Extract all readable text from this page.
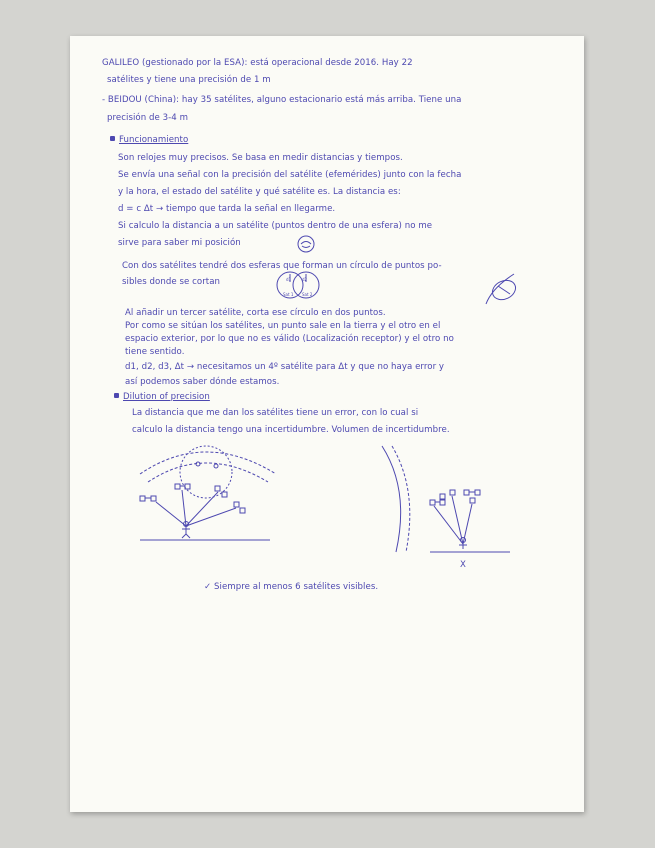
GALILEO (gestionado por la ESA): está operacional desde 2016. Hay 22
satélites y tiene una precisión de 1 m
- BEIDOU (China): hay 35 satélites, alguno estacionario está más arriba. Tiene una
precisión de 3-4 m
Funcionamiento
Son relojes muy precisos. Se basa en medir distancias y tiempos.
Se envía una señal con la precisión del satélite (efemérides) junto con la fecha
y la hora, el estado del satélite y qué satélite es. La distancia es:
d = c Δt → tiempo que tarda la señal en llegarme.
Si calculo la distancia a un satélite (puntos dentro de una esfera) no me
sirve para saber mi posición
Con dos satélites tendré dos esferas que forman un círculo de puntos po-
sibles donde se cortan
Sat 1 Sat 2
d1	d2
Al añadir un tercer satélite, corta ese círculo en dos puntos.
Por como se sitúan los satélites, un punto sale en la tierra y el otro en el
espacio exterior, por lo que no es válido (Localización receptor) y el otro no
tiene sentido.
d1, d2, d3, Δt → necesitamos un 4º satélite para Δt y que no haya error y
así podemos saber dónde estamos.
Dilution of precision
La distancia que me dan los satélites tiene un error, con lo cual si
calculo la distancia tengo una incertidumbre. Volumen de incertidumbre.
X
✓ Siempre al menos 6 satélites visibles.
